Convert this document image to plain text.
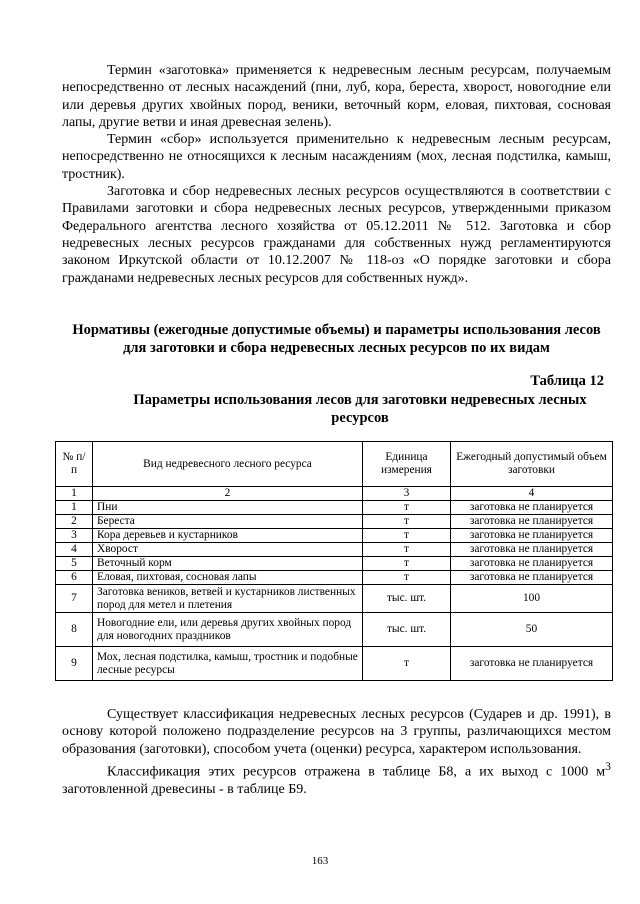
Термин «заготовка» применяется к недревесным лесным ресурсам, получаемым непосредственно от лесных насаждений (пни, луб, кора, береста, хворост, новогодние ели или деревья других хвойных пород, веники, веточный корм, еловая, пихтовая, сосновая лапы, другие ветви и иная древесная зелень).

Термин «сбор» используется применительно к недревесным лесным ресурсам, непосредственно не относящихся к лесным насаждениям (мох, лесная подстилка, камыш, тростник).

Заготовка и сбор недревесных лесных ресурсов осуществляются в соответствии с Правилами заготовки и сбора недревесных лесных ресурсов, утвержденными приказом Федерального агентства лесного хозяйства от 05.12.2011 № 512. Заготовка и сбор недревесных лесных ресурсов гражданами для собственных нужд регламентируются законом Иркутской области от 10.12.2007 № 118-оз «О порядке заготовки и сбора гражданами недревесных лесных ресурсов для собственных нужд».

Нормативы (ежегодные допустимые объемы) и параметры использования лесов для заготовки и сбора недревесных лесных ресурсов по их видам
Таблица 12
Параметры использования лесов для заготовки недревесных лесных ресурсов
№ п/п	Вид недревесного лесного ресурса	Единица измерения	Ежегодный допустимый объем заготовки
1	2	3	4
1	Пни	т	заготовка не планируется
2	Береста	т	заготовка не планируется
3	Кора деревьев и кустарников	т	заготовка не планируется
4	Хворост	т	заготовка не планируется
5	Веточный корм	т	заготовка не планируется
6	Еловая, пихтовая, сосновая лапы	т	заготовка не планируется
7	Заготовка веников, ветвей и кустарников лиственных пород для метел и плетения	тыс. шт.	100
8	Новогодние ели, или деревья других хвойных пород для новогодних праздников	тыс. шт.	50
9	Мох, лесная подстилка, камыш, тростник и подобные лесные ресурсы	т	заготовка не планируется

Существует классификация недревесных лесных ресурсов (Сударев и др. 1991), в основу которой положено подразделение ресурсов на 3 группы, различающихся местом образования (заготовки), способом учета (оценки) ресурса, характером использования.

Классификация этих ресурсов отражена в таблице Б8, а их выход с 1000 $м^3$ заготовленной древесины - в таблице Б9.

163
